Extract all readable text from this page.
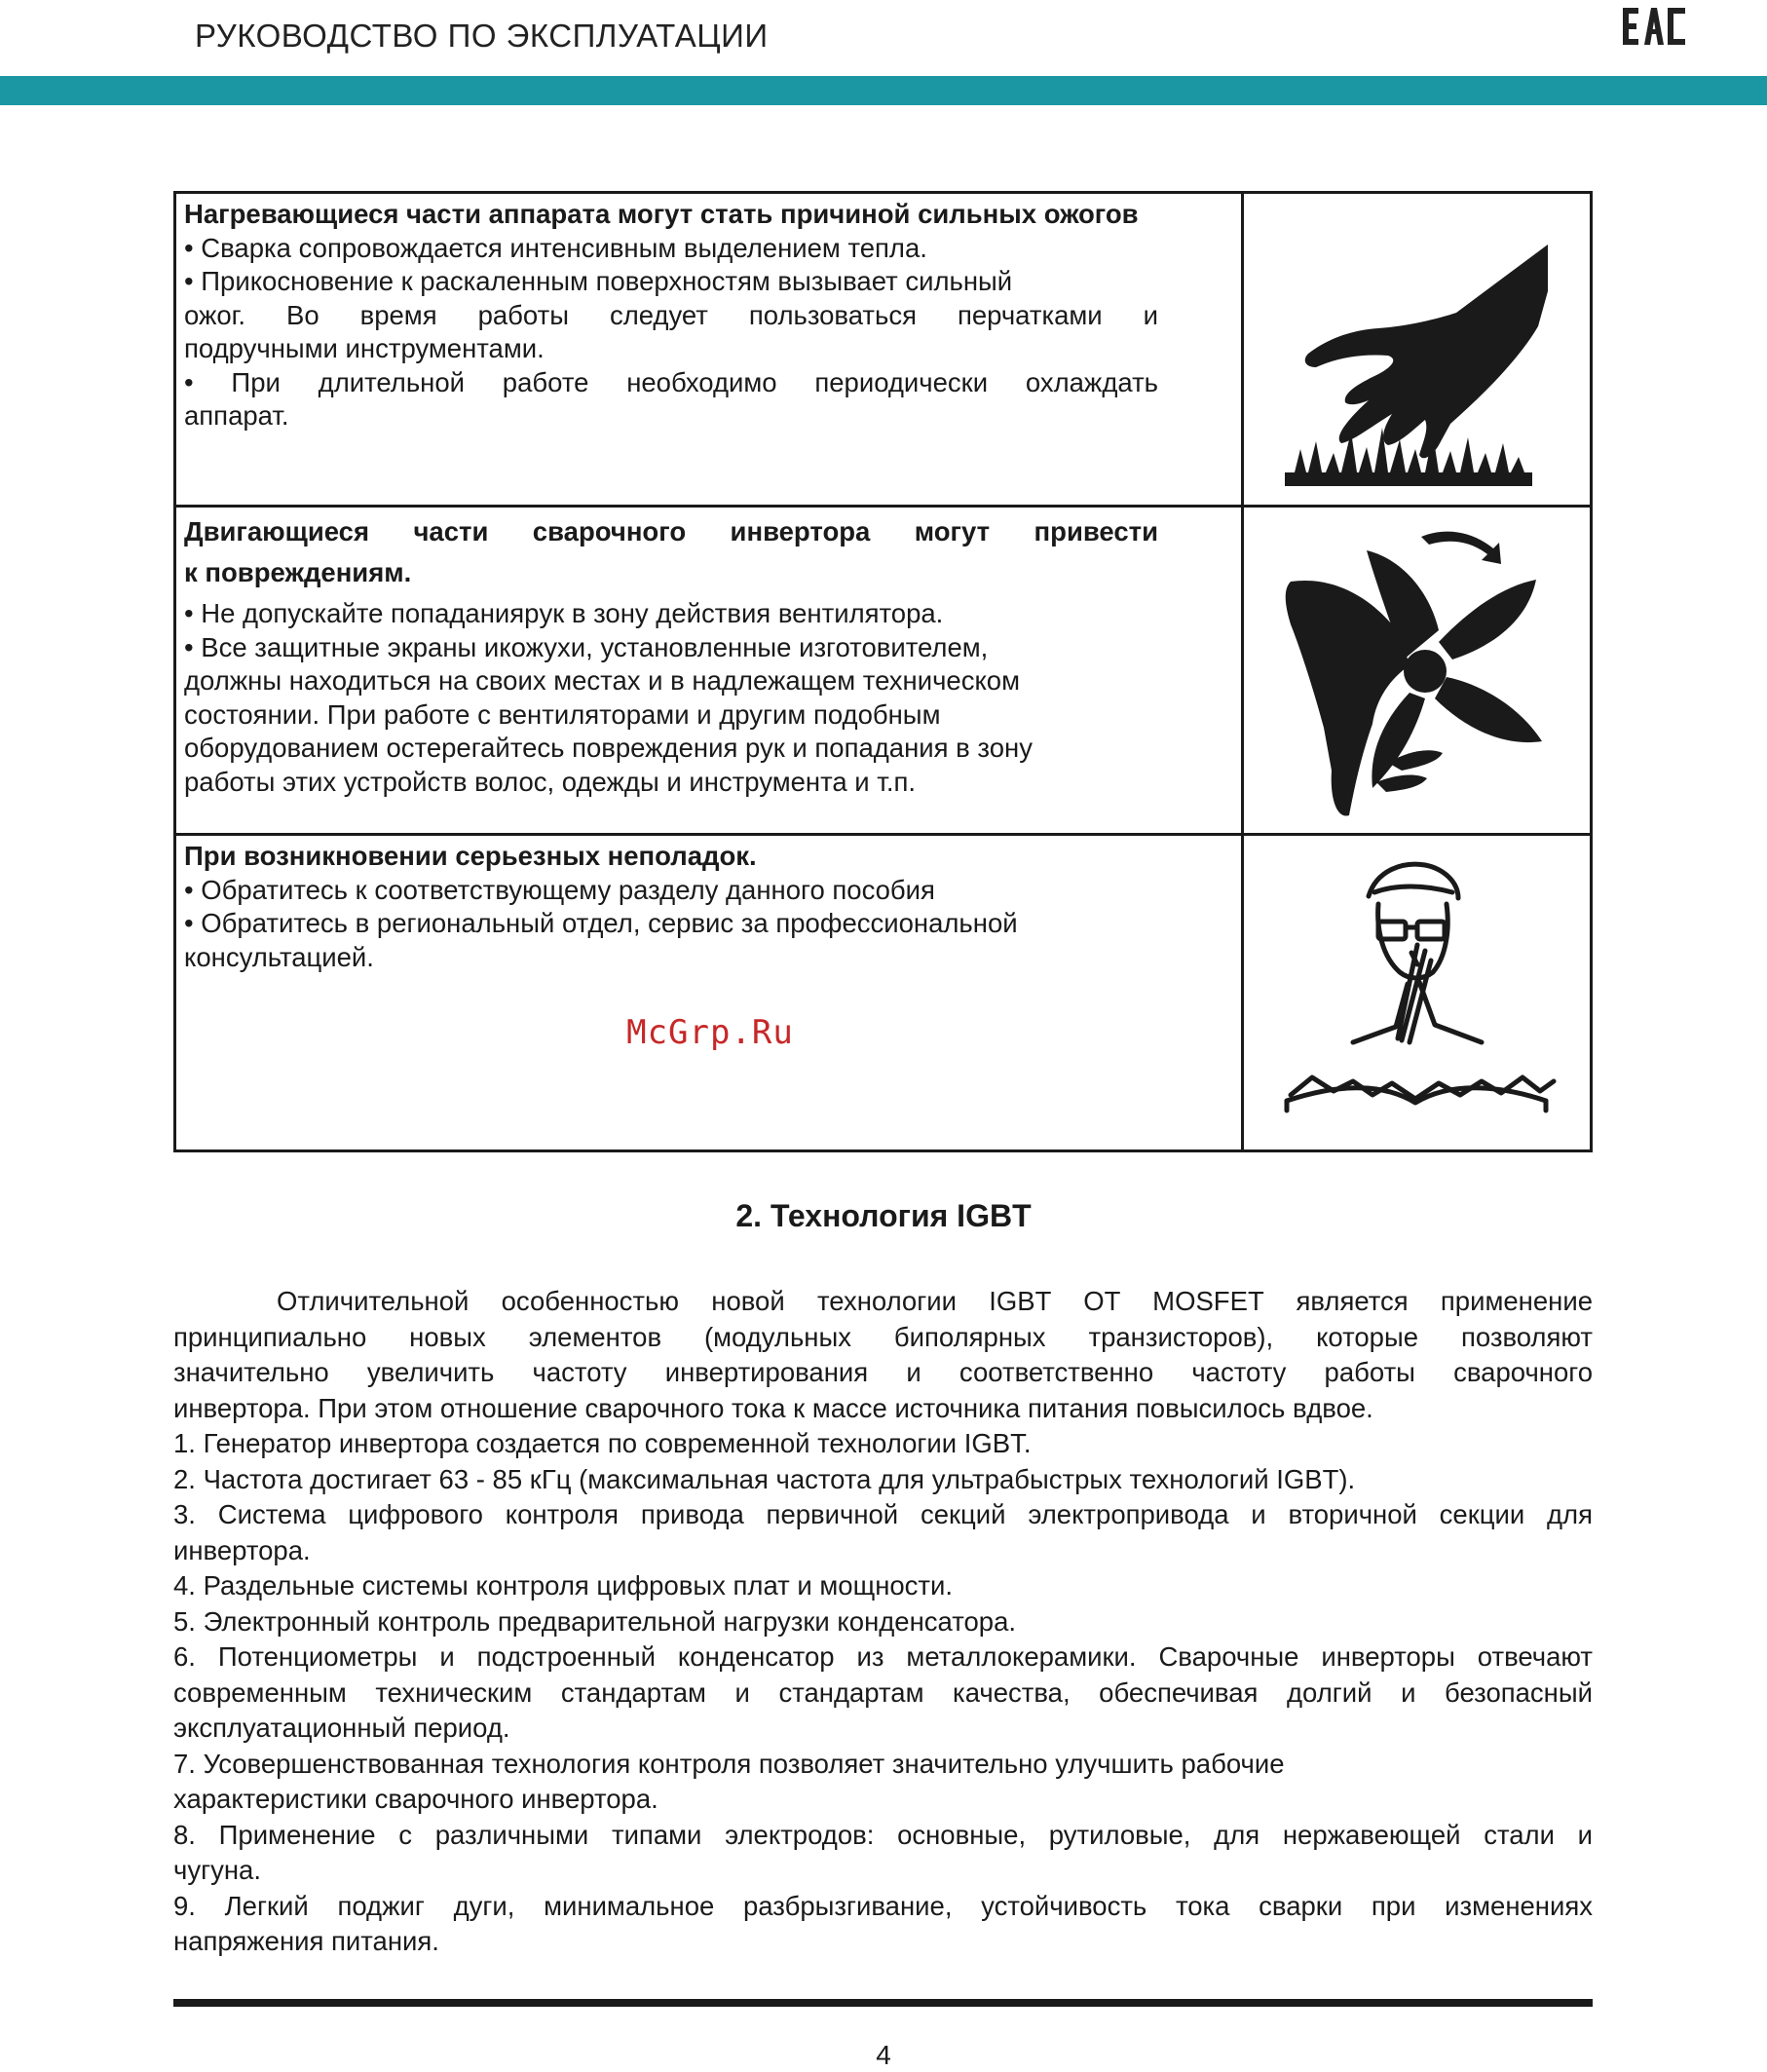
РУКОВОДСТВО ПО ЭКСПЛУАТАЦИИ
Нагревающиеся части аппарата могут стать причиной сильных ожогов
• Сварка сопровождается интенсивным выделением тепла.
• Прикосновение к раскаленным поверхностям вызывает сильный
ожог. Во время работы следует пользоваться перчатками и
подручными инструментами.
• При длительной работе необходимо периодически охлаждать
аппарат.
Двигающиеся части сварочного инвертора могут привести
к повреждениям.
• Не допускайте попаданияpук в зону действия вентилятора.
• Все защитные экраны икожухи, установленные изготовителем,
должны находиться на своих местах и в надлежащем техническом
состоянии. При работе с вентиляторами и другим подобным
оборудованием остерегайтесь повреждения рук и попадания в зону
работы этих устройств волос, одежды и инструмента и т.п.
При возникновении серьезных неполадок.
• Обратитесь к соответствующему разделу данного пособия
• Обратитесь в региональный отдел, сервис за профессиональной
консультацией.
McGrp.Ru
2. Технология IGBT
Отличительной особенностью новой технологии IGBT OT MOSFET является применение
принципиально новых элементов (модульных биполярных транзисторов), которые позволяют
значительно увеличить частоту инвертирования и соответственно частоту работы сварочного
инвертора. При этом отношение сварочного тока к массе источника питания повысилось вдвое.
1. Генератор инвертора создается по современной технологии IGBT.
2. Частота достигает 63 - 85 кГц (максимальная частота для ультрабыстрых технологий IGBT).
3. Система цифрового контроля привода первичной секций электропривода и вторичной секции для
инвертора.
4. Раздельные системы контроля цифровых плат и мощности.
5. Электронный контроль предварительной нагрузки конденсатора.
6. Потенциометры и подстроенный конденсатор из металлокерамики. Сварочные инверторы отвечают
современным техническим стандартам и стандартам качества, обеспечивая долгий и безопасный
эксплуатационный период.
7. Усовершенствованная технология контроля позволяет значительно улучшить рабочие
характеристики сварочного инвертора.
8. Применение с различными типами электродов: основные, рутиловые, для нержавеющей стали и
чугуна.
9. Легкий поджиг дуги, минимальное разбрызгивание, устойчивость тока сварки при изменениях
напряжения питания.
4
